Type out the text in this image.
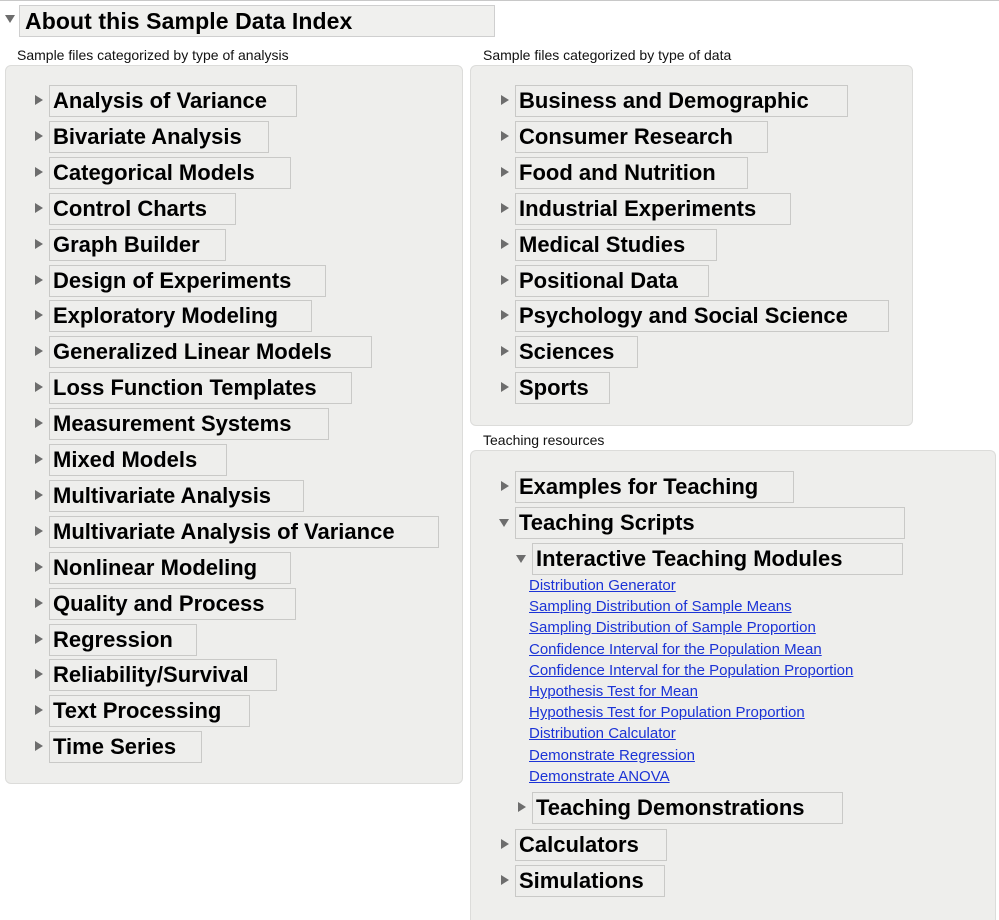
About this Sample Data Index
Sample files categorized by type of analysis
Analysis of Variance
Bivariate Analysis
Categorical Models
Control Charts
Graph Builder
Design of Experiments
Exploratory Modeling
Generalized Linear Models
Loss Function Templates
Measurement Systems
Mixed Models
Multivariate Analysis
Multivariate Analysis of Variance
Nonlinear Modeling
Quality and Process
Regression
Reliability/Survival
Text Processing
Time Series
Sample files categorized by type of data
Business and Demographic
Consumer Research
Food and Nutrition
Industrial Experiments
Medical Studies
Positional Data
Psychology and Social Science
Sciences
Sports
Teaching resources
Examples for Teaching
Teaching Scripts
Interactive Teaching Modules
Distribution Generator
Sampling Distribution of Sample Means
Sampling Distribution of Sample Proportion
Confidence Interval for the Population Mean
Confidence Interval for the Population Proportion
Hypothesis Test for Mean
Hypothesis Test for Population Proportion
Distribution Calculator
Demonstrate Regression
Demonstrate ANOVA
Teaching Demonstrations
Calculators
Simulations
